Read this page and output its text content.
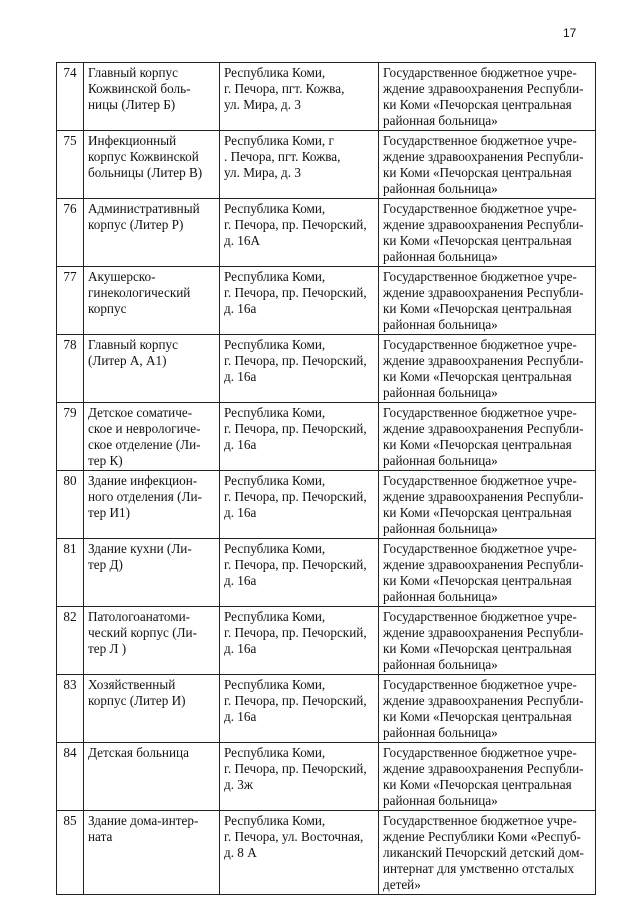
17
74	Главный корпус
Кожвинской боль-
ницы (Литер Б)	Республика Коми,
г. Печора, пгт. Кожва,
ул. Мира, д. 3	Государственное бюджетное учре-
ждение здравоохранения Республи-
ки Коми «Печорская центральная
районная больница»
75	Инфекционный
корпус Кожвинской
больницы (Литер В)	Республика Коми, г
. Печора, пгт. Кожва,
ул. Мира, д. 3	Государственное бюджетное учре-
ждение здравоохранения Республи-
ки Коми «Печорская центральная
районная больница»
76	Административный
корпус (Литер Р)	Республика Коми,
г. Печора, пр. Печорский,
д. 16А	Государственное бюджетное учре-
ждение здравоохранения Республи-
ки Коми «Печорская центральная
районная больница»
77	Акушерско-
гинекологический
корпус	Республика Коми,
г. Печора, пр. Печорский,
д. 16а	Государственное бюджетное учре-
ждение здравоохранения Республи-
ки Коми «Печорская центральная
районная больница»
78	Главный корпус
(Литер А, А1)	Республика Коми,
г. Печора, пр. Печорский,
д. 16а	Государственное бюджетное учре-
ждение здравоохранения Республи-
ки Коми «Печорская центральная
районная больница»
79	Детское соматиче-
ское и неврологиче-
ское отделение (Ли-
тер К)	Республика Коми,
г. Печора, пр. Печорский,
д. 16а	Государственное бюджетное учре-
ждение здравоохранения Республи-
ки Коми «Печорская центральная
районная больница»
80	Здание инфекцион-
ного отделения (Ли-
тер И1)	Республика Коми,
г. Печора, пр. Печорский,
д. 16а	Государственное бюджетное учре-
ждение здравоохранения Республи-
ки Коми «Печорская центральная
районная больница»
81	Здание кухни (Ли-
тер Д)	Республика Коми,
г. Печора, пр. Печорский,
д. 16а	Государственное бюджетное учре-
ждение здравоохранения Республи-
ки Коми «Печорская центральная
районная больница»
82	Патологоанатоми-
ческий корпус (Ли-
тер Л )	Республика Коми,
г. Печора, пр. Печорский,
д. 16а	Государственное бюджетное учре-
ждение здравоохранения Республи-
ки Коми «Печорская центральная
районная больница»
83	Хозяйственный
корпус (Литер И)	Республика Коми,
г. Печора, пр. Печорский,
д. 16а	Государственное бюджетное учре-
ждение здравоохранения Республи-
ки Коми «Печорская центральная
районная больница»
84	Детская больница	Республика Коми,
г. Печора, пр. Печорский,
д. 3ж	Государственное бюджетное учре-
ждение здравоохранения Республи-
ки Коми «Печорская центральная
районная больница»
85	Здание дома-интер-
ната	Республика Коми,
г. Печора, ул. Восточная,
д. 8 А	Государственное бюджетное учре-
ждение Республики Коми «Респуб-
ликанский Печорский детский дом-
интернат для умственно отсталых
детей»
